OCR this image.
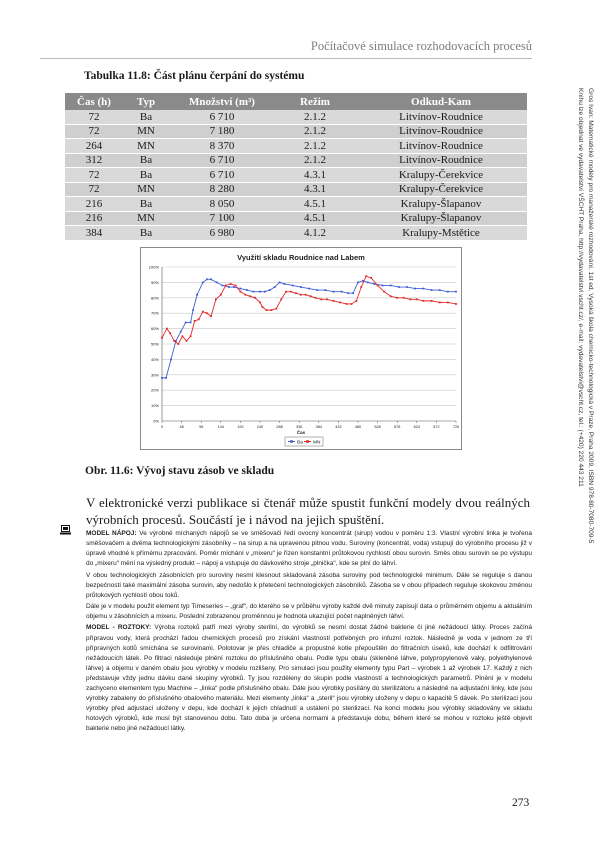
Počítačové simulace rozhodovacích procesů
Gros Ivan: Matematické modely pro manažerské rozhodování, 1st ed. Vysoká škola chemicko-technologická v Praze, Praha 2009, ISBN 978-80-7080-709-5
Knihu lze objednat ve vydavatelství VŠCHT Praha, http://vydavatelstvi.vscht.cz/, e-mail: vydavatelstvi@vscht.cz, tel.: (+420) 220 443 211
Tabulka 11.8: Část plánu čerpání do systému
Čas (h)	Typ	Množství (m³)	Režim	Odkud-Kam
72	Ba	6 710	2.1.2	Litvínov-Roudnice
72	MN	7 180	2.1.2	Litvínov-Roudnice
264	MN	8 370	2.1.2	Litvínov-Roudnice
312	Ba	6 710	2.1.2	Litvínov-Roudnice
72	Ba	6 710	4.3.1	Kralupy-Čerekvice
72	MN	8 280	4.3.1	Kralupy-Čerekvice
216	Ba	8 050	4.5.1	Kralupy-Šlapanov
216	MN	7 100	4.5.1	Kralupy-Šlapanov
384	Ba	6 980	4.1.2	Kralupy-Mstětice
Využití skladu Roudnice nad Labem
0%
10%
20%
30%
40%
50%
60%
70%
80%
90%
100%
0	48	96	144	192	240	288	336	384	432	480	528	576	624	672	720
Čas
Ba MN
Obr. 11.6: Vývoj stavu zásob ve skladu
V elektronické verzi publikace si čtenář může spustit funkční modely dvou reálných výrobních procesů. Součástí je i návod na jejich spuštění.

MODEL NÁPOJ: Ve výrobně míchaných nápojů se ve směšovači ředí ovocný koncentrát (sirup) vodou v poměru 1:3. Vlastní výrobní linka je tvořena směšovačem a dvěma technologickými zásobníky – na sirup a na upravenou pitnou vodu. Suroviny (koncentrát, voda) vstupují do výrobního procesu již v úpravě vhodné k přímému zpracování. Poměr míchání v „mixeru“ je řízen konstantní průtokovou rychlostí obou surovin. Směs obou surovin se po výstupu do „mixeru“ mění na výsledný produkt – nápoj a vstupuje do dávkového stroje „plnička“, kde se plní do láhví.

V obou technologických zásobnících pro suroviny nesmí klesnout skladovaná zásoba suroviny pod technologické minimum. Dále se reguluje s danou bezpečností také maximální zásoba surovin, aby nedošlo k přetečení technologických zásobníků. Zásoba se v obou případech reguluje skokovou změnou průtokových rychlostí obou toků.

Dále je v modelu použit element typ Timeseries – „graf“, do kterého se v průběhu výroby každé dvě minuty zapisují data o průměrném objemu a aktuálním objemu v zásobnících a mixeru. Poslední zobrazenou proměnnou je hodnota ukazující počet naplněných láhví.

MODEL - ROZTOKY: Výroba roztoků patří mezi výroby sterilní, do výrobků se nesmí dostat žádné bakterie či jiné nežádoucí látky. Proces začíná přípravou vody, která prochází řadou chemických procesů pro získání vlastností potřebných pro infuzní roztok. Následně je voda v jednom ze tří přípravných kotlů smíchána se surovinami. Polotovar je přes chladiče a propustné kotle přepouštěn do filtračních úseků, kde dochází k odfiltrování nežádoucích látek. Po filtraci následuje plnění roztoku do příslušného obalu. Podle typu obalu (skleněné láhve, polypropylenové vaky, polyethylenové láhve) a objemu v daném obalu jsou výrobky v modelu rozlišeny. Pro simulaci jsou použity elementy typu Part – výrobek 1 až výrobek 17. Každý z nich představuje vždy jednu dávku dané skupiny výrobků. Ty jsou rozděleny do skupin podle vlastností a technologických parametrů. Plnění je v modelu zachyceno elementem typu Machine – „linka“ podle příslušného obalu. Dále jsou výrobky posílány do sterilizátoru a následně na adjustační linky, kde jsou výrobky zabaleny do příslušného obalového materiálu. Mezi elementy „linka“ a „steril“ jsou výrobky uloženy v depu o kapacitě 5 dávek. Po sterilizaci jsou výrobky před adjustací uloženy v depu, kde dochází k jejich chladnutí a ustálení po sterilizaci. Na konci modelu jsou výrobky skladovány ve skladu hotových výrobků, kde musí být stanovenou dobu. Tato doba je určena normami a představuje dobu, během které se mohou v roztoku ještě objevit bakterie nebo jiné nežádoucí látky.

273
